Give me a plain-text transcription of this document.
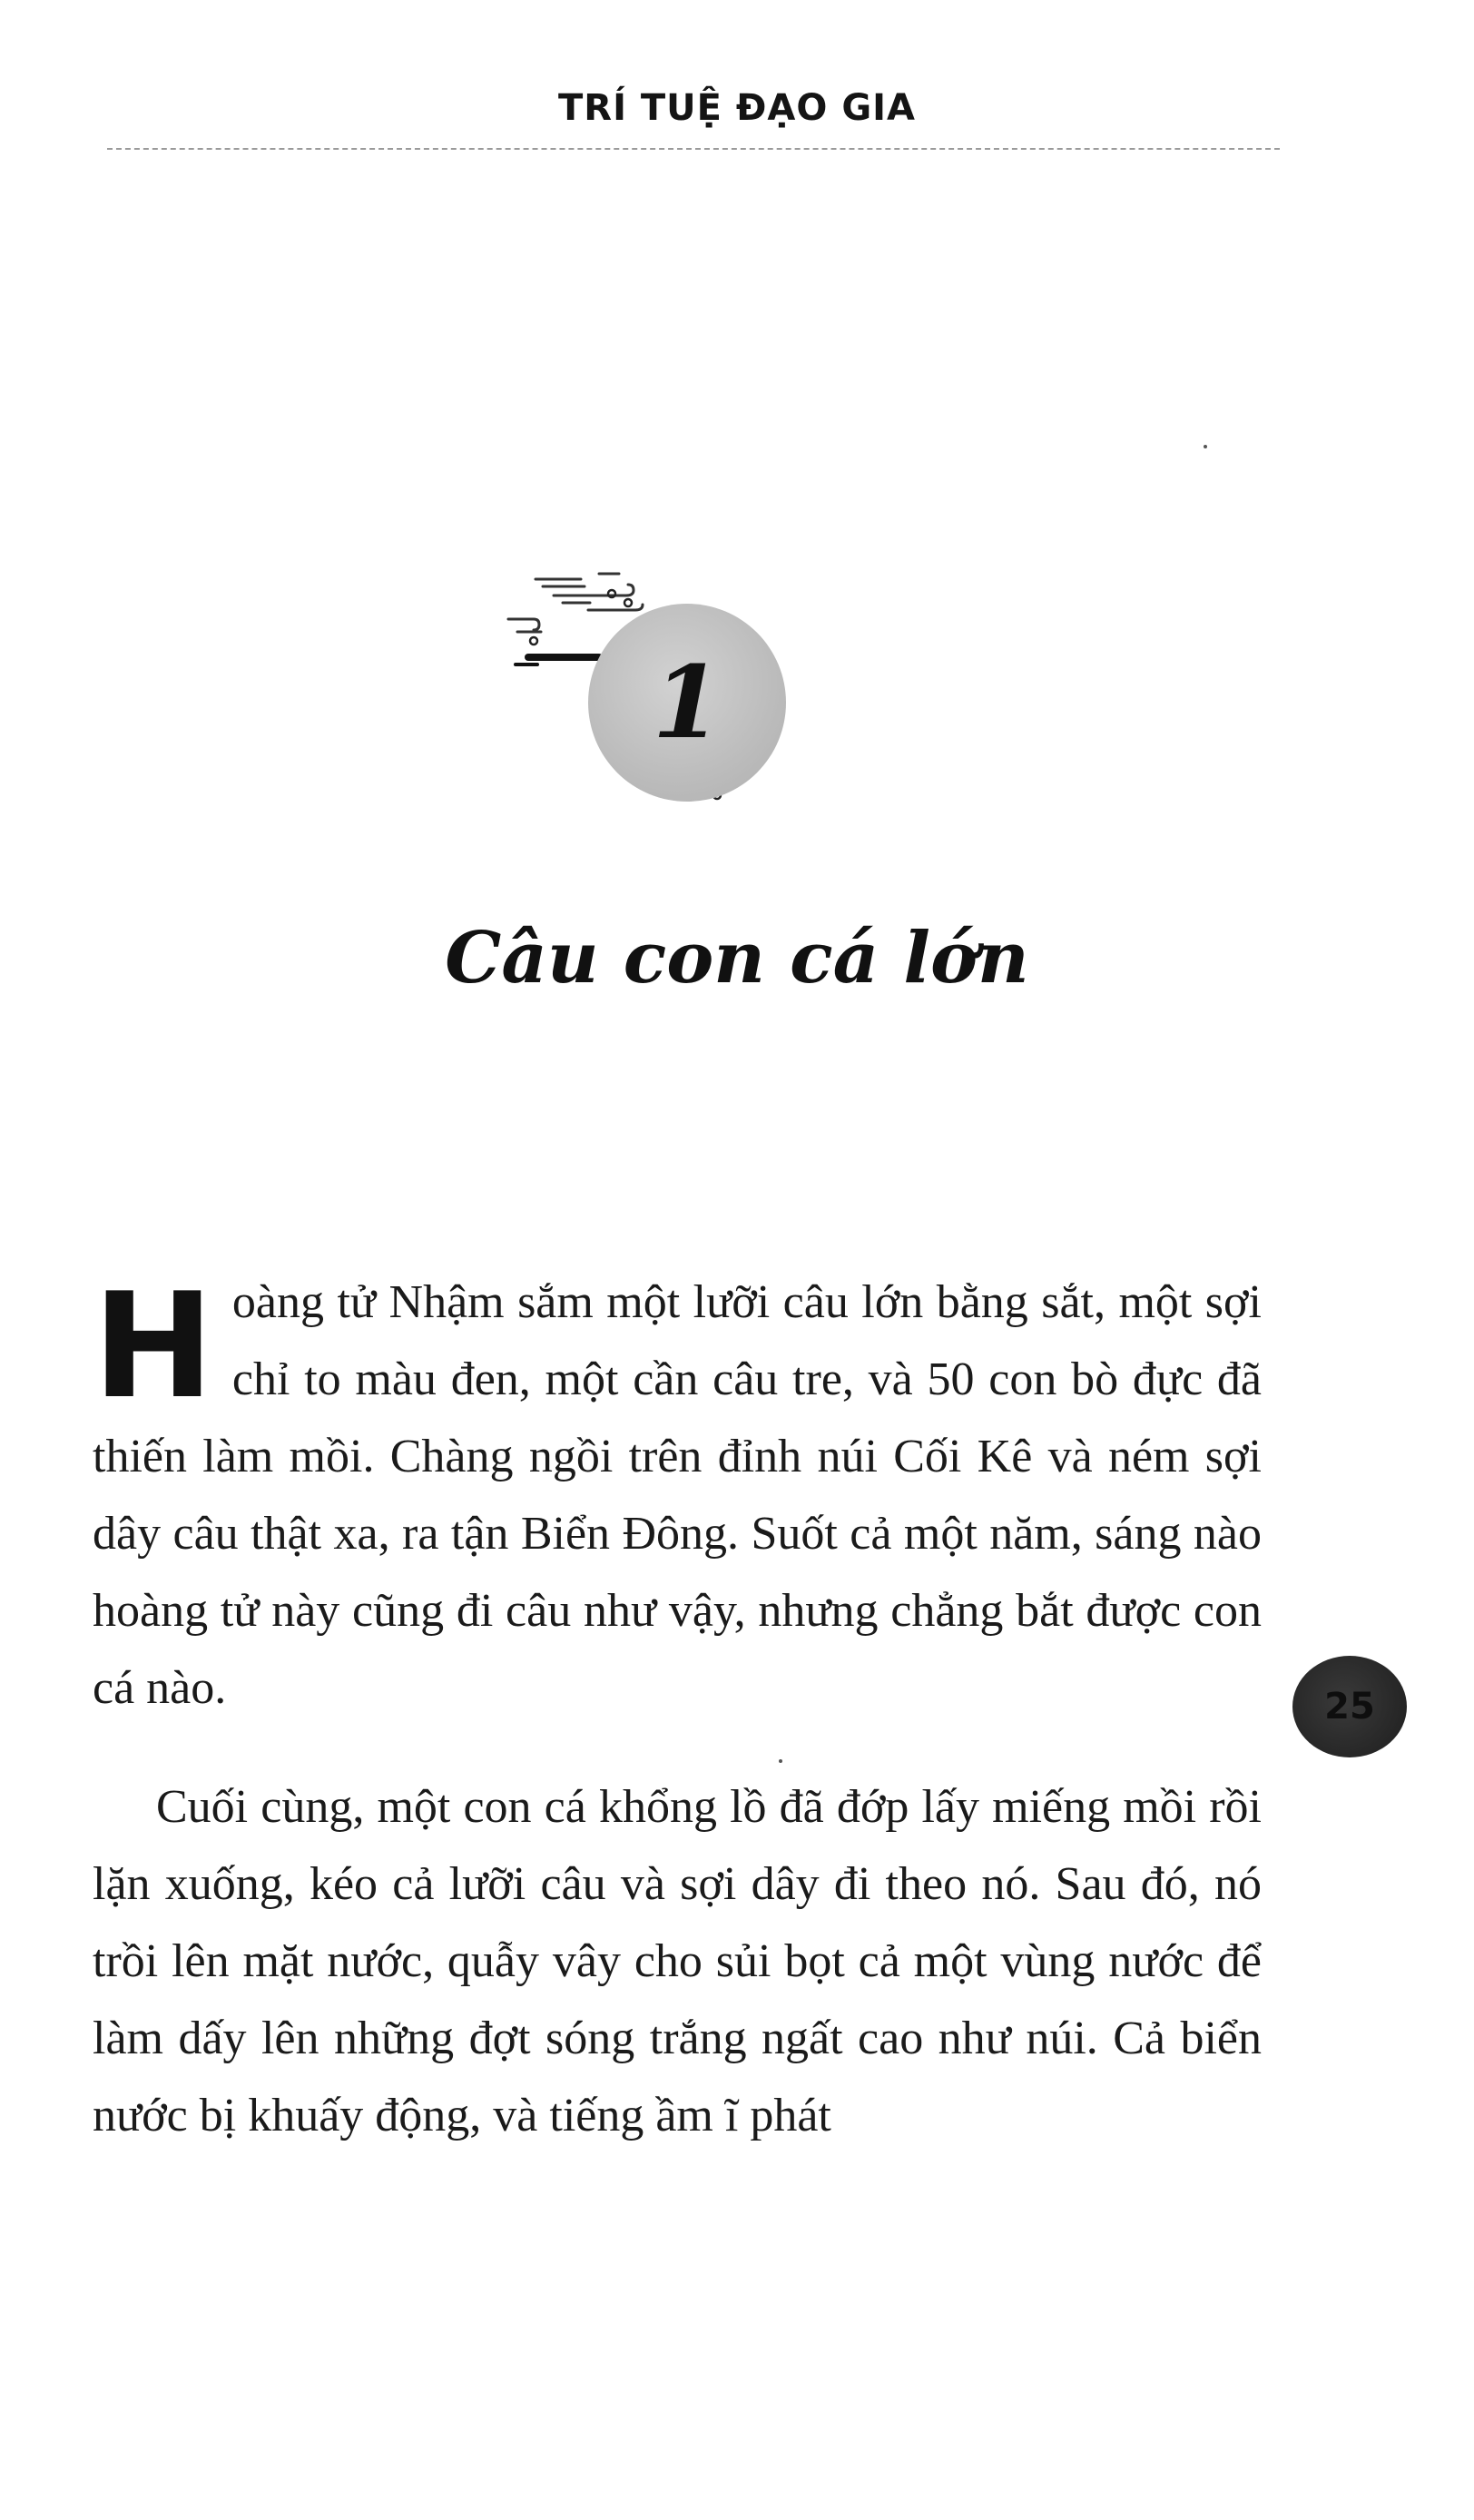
TRÍ TUỆ ĐẠO GIA
1
Câu con cá lớn

Hoàng tử Nhậm sắm một lưỡi câu lớn bằng sắt, một sợi chỉ to màu đen, một cần câu tre, và 50 con bò đực đã thiến làm mồi. Chàng ngồi trên đỉnh núi Cối Kê và ném sợi dây câu thật xa, ra tận Biển Đông. Suốt cả một năm, sáng nào hoàng tử này cũng đi câu như vậy, nhưng chẳng bắt được con cá nào.

Cuối cùng, một con cá khổng lồ đã đớp lấy miếng mồi rồi lặn xuống, kéo cả lưỡi câu và sợi dây đi theo nó. Sau đó, nó trồi lên mặt nước, quẫy vây cho sủi bọt cả một vùng nước để làm dấy lên những đợt sóng trắng ngất cao như núi. Cả biển nước bị khuấy động, và tiếng ầm ĩ phát

25
